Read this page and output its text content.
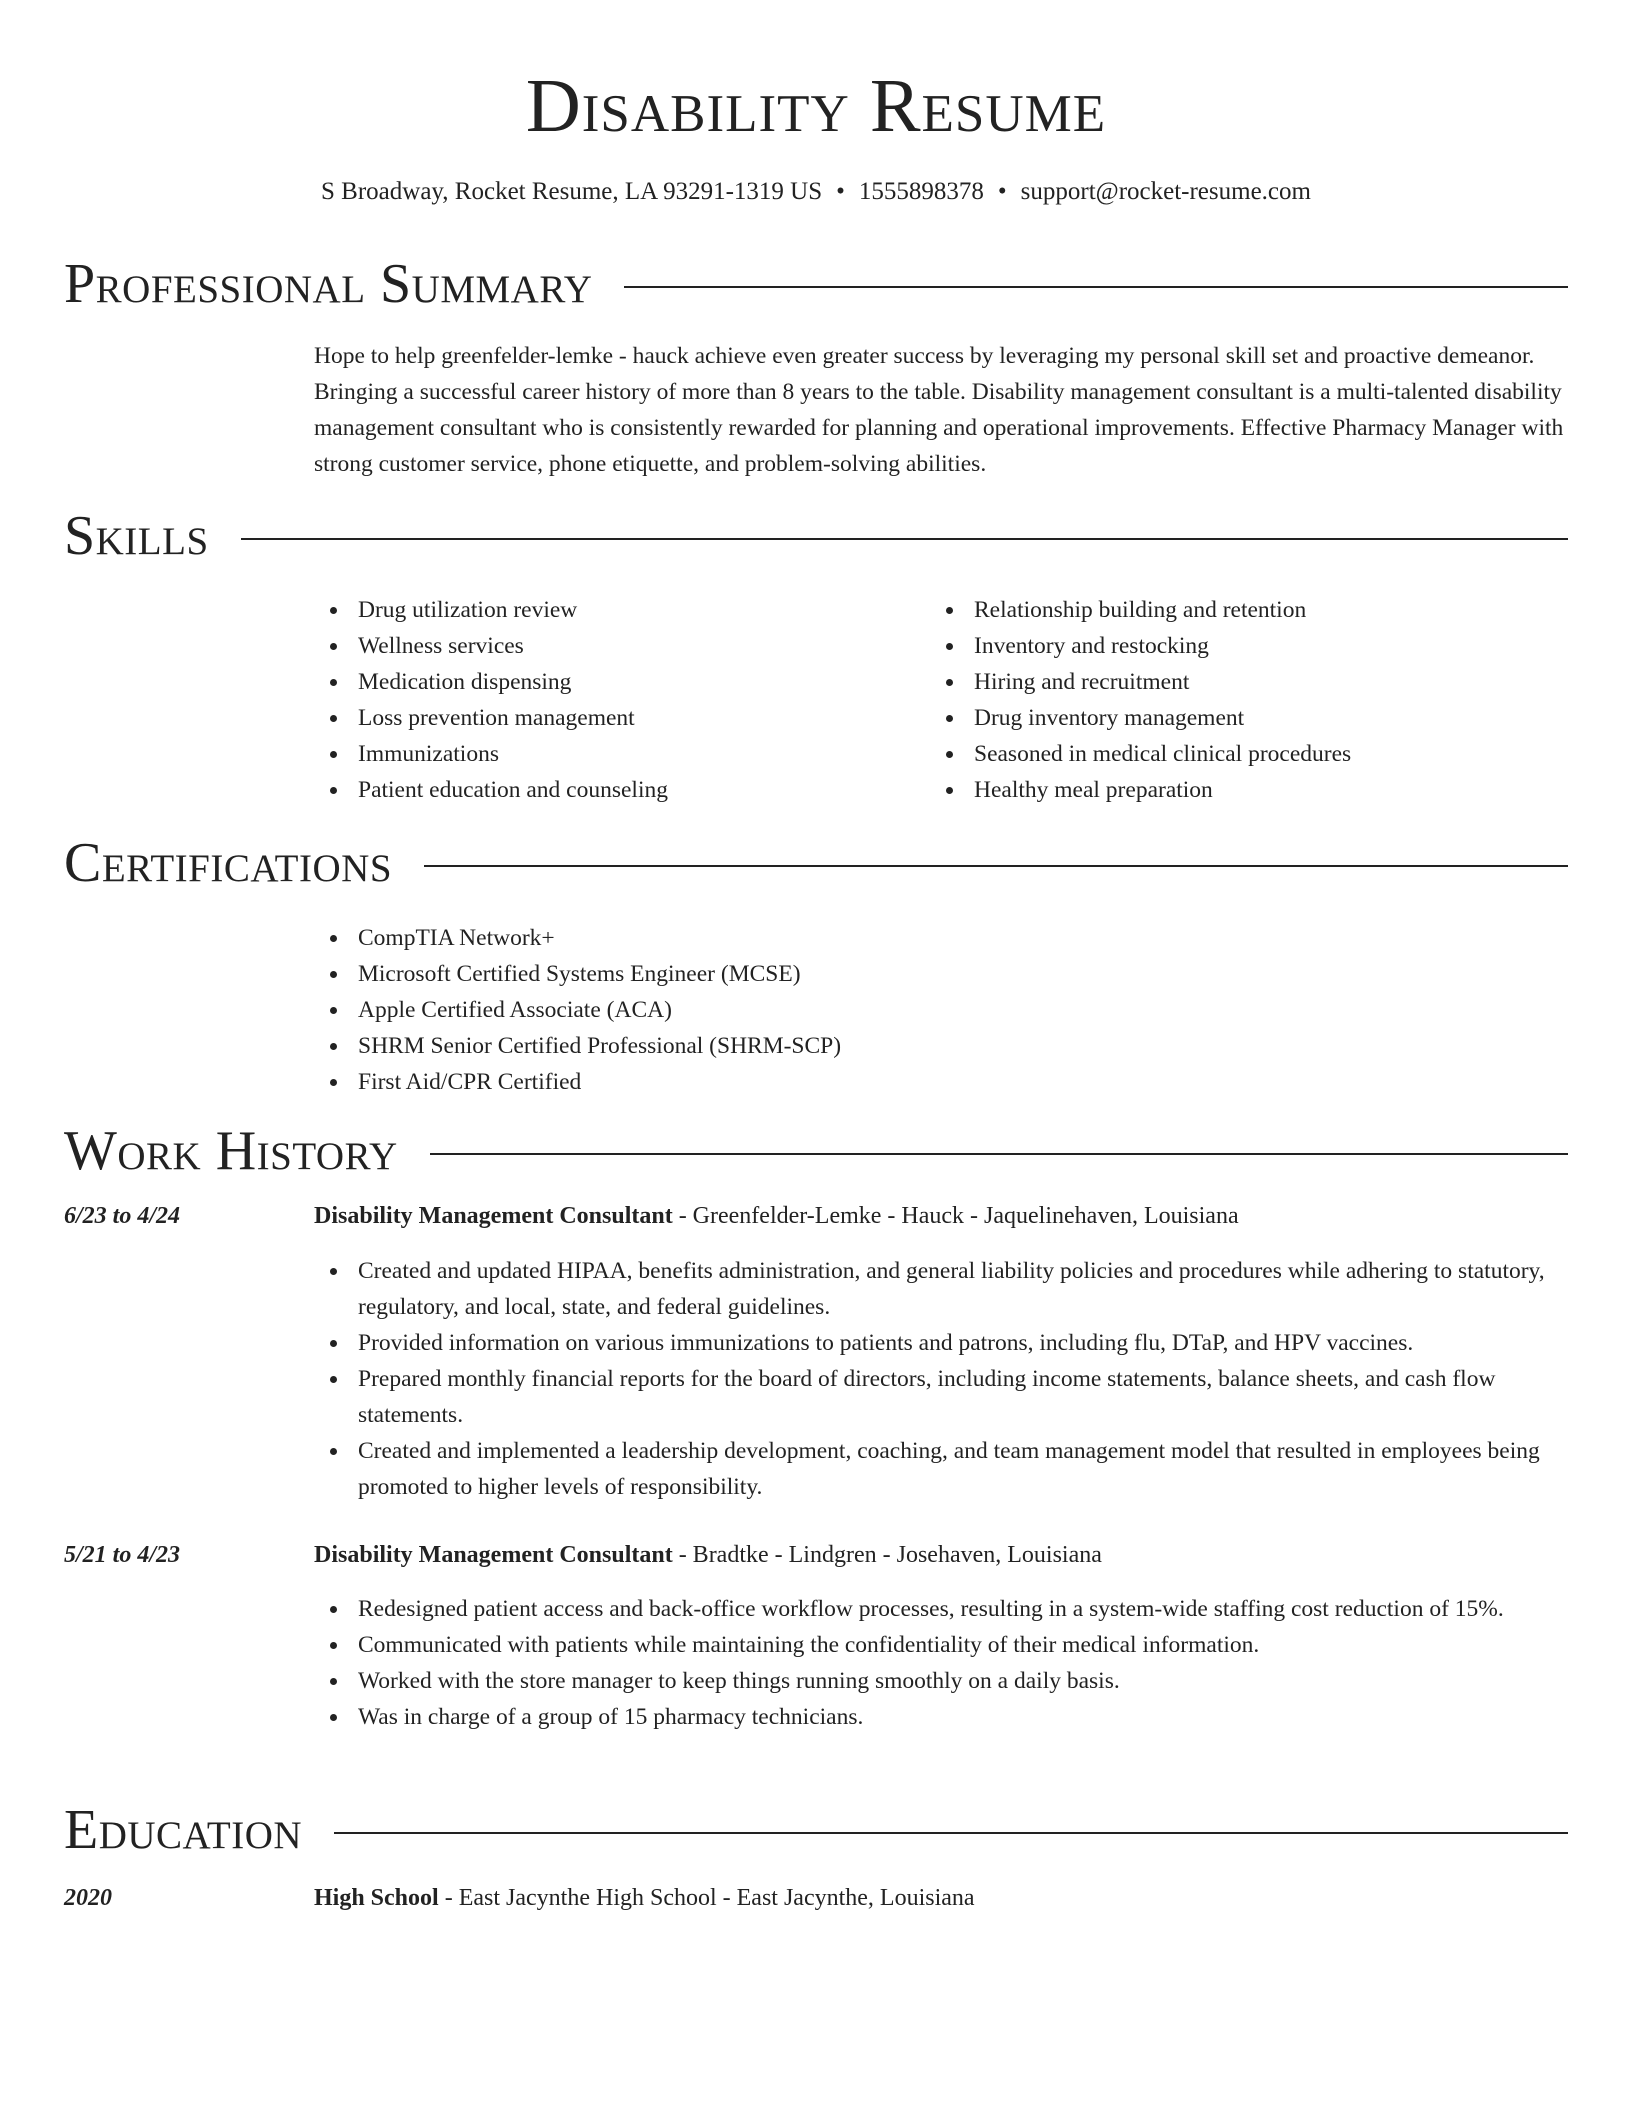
Disability Resume
S Broadway, Rocket Resume, LA 93291-1319 US • 1555898378 • support@rocket-resume.com
Professional Summary
Hope to help greenfelder-lemke - hauck achieve even greater success by leveraging my personal skill set and proactive demeanor. Bringing a successful career history of more than 8 years to the table. Disability management consultant is a multi-talented disability management consultant who is consistently rewarded for planning and operational improvements. Effective Pharmacy Manager with strong customer service, phone etiquette, and problem-solving abilities.
Skills
Drug utilization review
Wellness services
Medication dispensing
Loss prevention management
Immunizations
Patient education and counseling
Relationship building and retention
Inventory and restocking
Hiring and recruitment
Drug inventory management
Seasoned in medical clinical procedures
Healthy meal preparation
Certifications
CompTIA Network+
Microsoft Certified Systems Engineer (MCSE)
Apple Certified Associate (ACA)
SHRM Senior Certified Professional (SHRM-SCP)
First Aid/CPR Certified
Work History
6/23 to 4/24	Disability Management Consultant - Greenfelder-Lemke - Hauck - Jaquelinehaven, Louisiana
Created and updated HIPAA, benefits administration, and general liability policies and procedures while adhering to statutory, regulatory, and local, state, and federal guidelines.
Provided information on various immunizations to patients and patrons, including flu, DTaP, and HPV vaccines.
Prepared monthly financial reports for the board of directors, including income statements, balance sheets, and cash flow statements.
Created and implemented a leadership development, coaching, and team management model that resulted in employees being promoted to higher levels of responsibility.
5/21 to 4/23	Disability Management Consultant - Bradtke - Lindgren - Josehaven, Louisiana
Redesigned patient access and back-office workflow processes, resulting in a system-wide staffing cost reduction of 15%.
Communicated with patients while maintaining the confidentiality of their medical information.
Worked with the store manager to keep things running smoothly on a daily basis.
Was in charge of a group of 15 pharmacy technicians.
Education
2020	High School - East Jacynthe High School - East Jacynthe, Louisiana
